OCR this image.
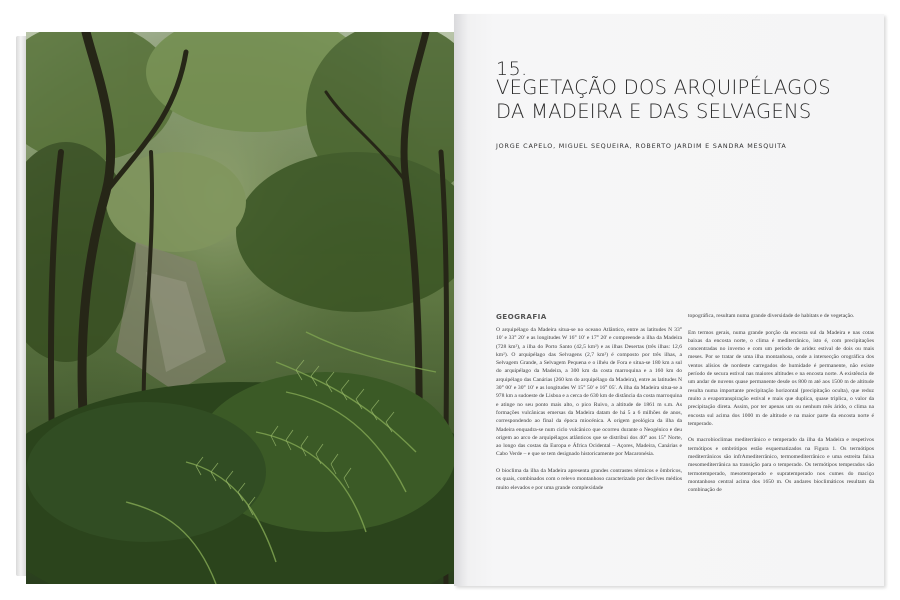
15.
VEGETAÇÃO DOS ARQUIPÉLAGOS
DA MADEIRA E DAS SELVAGENS
JORGE CAPELO, MIGUEL SEQUEIRA, ROBERTO JARDIM E SANDRA MESQUITA
GEOGRAFIA

O arquipélago da Madeira situa-se no oceano Atlântico, entre as latitudes N 33° 10′ e 33° 20′ e as longitudes W 16° 10′ e 17° 20′ e compreende a ilha da Madeira (728 km²), a ilha do Porto Santo (42,5 km²) e as ilhas Desertas (três ilhas: 12,6 km²). O arquipélago das Selvagens (2,7 km²) é composto por três ilhas, a Selvagem Grande, a Selvagem Pequena e o ilhéu de Fora e situa-se 180 km a sul do arquipélago da Madeira, a 300 km da costa marroquina e a 160 km do arquipélago das Canárias (260 km do arquipélago da Madeira), entre as latitudes N 30° 00′ e 30° 10′ e as longitudes W 15° 50′ e 16° 05′. A ilha da Madeira situa-se a 978 km a sudoeste de Lisboa e a cerca de 630 km de distância da costa marroquina e atinge no seu ponto mais alto, o pico Ruivo, a altitude de 1861 m s.m. As formações vulcânicas emersas da Madeira datam de há 5 a 6 milhões de anos, correspondendo ao final da época miocénica. A origem geológica da ilha da Madeira enquadra-se num ciclo vulcânico que ocorreu durante o Neogénico e deu origem ao arco de arquipélagos atlânticos que se distribui dos 40° aos 15° Norte, ao longo das costas da Europa e África Ocidental – Açores, Madeira, Canárias e Cabo Verde – e que se tem designado historicamente por Macaronésia.

O bioclima da ilha da Madeira apresenta grandes contrastes térmicos e ômbricos, os quais, combinados com o relevo montanhoso caracterizado por declives médios muito elevados e por uma grande complexidade

topográfica, resultam numa grande diversidade de habitats e de vegetação.

Em termos gerais, numa grande porção da encosta sul da Madeira e nas cotas baixas da encosta norte, o clima é mediterrânico, isto é, com precipitações concentradas no inverno e com um período de aridez estival de dois ou mais meses. Por se tratar de uma ilha montanhosa, onde a intersecção orográfica dos ventos alísios de nordeste carregados de humidade é permanente, não existe período de secura estival nas maiores altitudes e na encosta norte. A existência de um andar de nuvens quase permanente desde os 800 m até aos 1500 m de altitude resulta numa importante precipitação horizontal (precipitação oculta), que reduz muito a evapotranspiração estival e mais que duplica, quase triplica, o valor da precipitação direta. Assim, por ter apenas um ou nenhum mês árido, o clima na encosta sul acima dos 1000 m de altitude e na maior parte da encosta norte é temperado.

Os macrobioclimas mediterrânico e temperado da ilha da Madeira e respetivos termótipos e ombrótipos estão esquematizados na Figura 1. Os termótipos mediterrânicos são infrAmediterrânico, termomediterrânico e uma estreita faixa mesomediterrânica na transição para o temperado. Os termótipos temperados são termotemperado, mesotemperado e supratemperado nos cumes do maciço montanhoso central acima dos 1650 m. Os andares bioclimáticos resultam da combinação de
